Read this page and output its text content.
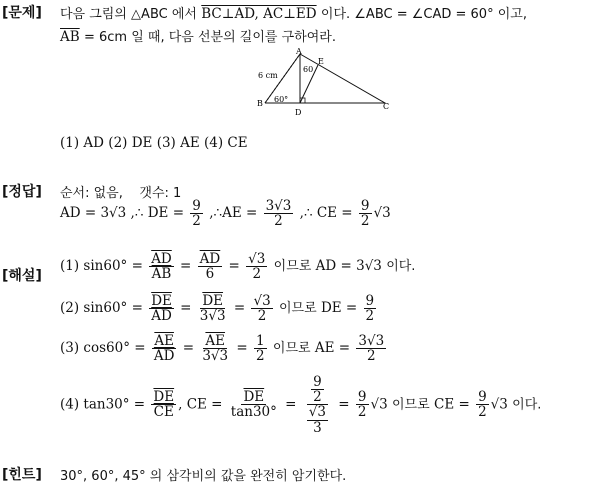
[문제] 다음 그림의 △ABC 에서 BC⊥AD, AC⊥ED 이다. ∠ABC = ∠CAD = 60° 이고,
$\overline{AB} = 6cm$ 일 때, 다음 선분의 길이를 구하여라.
A
B	C
D
E
6 cm
60°
60
(1) AD (2) DE (3) AE (4) CE
[정답] 순서: 없음, 갯수: 1
AD = 3√3 ,∴ DE = $\frac{9}{2}$ ,∴AE = $\frac{3√3}{2}$ ,∴ CE = $\frac{9}{2} √3$
[해설]
(1) $\sin 60^\circ = \frac{\overline{AD}}{AB} = \frac{\overline{AD}}{6} = \frac{√3}{2}$ 이므로 AD = 3√3 이다.
(2) $\sin 60^\circ = \frac{\overline{DE}}{AD} = \frac{\overline{DE}}{3√3} = \frac{√3}{2}$ 이므로 DE = $\frac{9}{2}$
(3) $\cos 60^\circ = \frac{\overline{AE}}{AD} = \frac{\overline{AE}}{3√3} = \frac{1}{2}$ 이므로 AE = $\frac{3√3}{2}$
(4) $\tan 30^\circ = \frac{\overline{DE}}{CE}$ , CE = $\frac{\overline{DE}}{\tan 30^\circ} = \frac{\frac{9}{2}}{\frac{√3}{3}} = \frac{9}{2} √3$ 이므로 CE = $\frac{9}{2} √3$ 이다.
[힌트] 30°, 60°, 45° 의 삼각비의 값을 완전히 암기한다.
